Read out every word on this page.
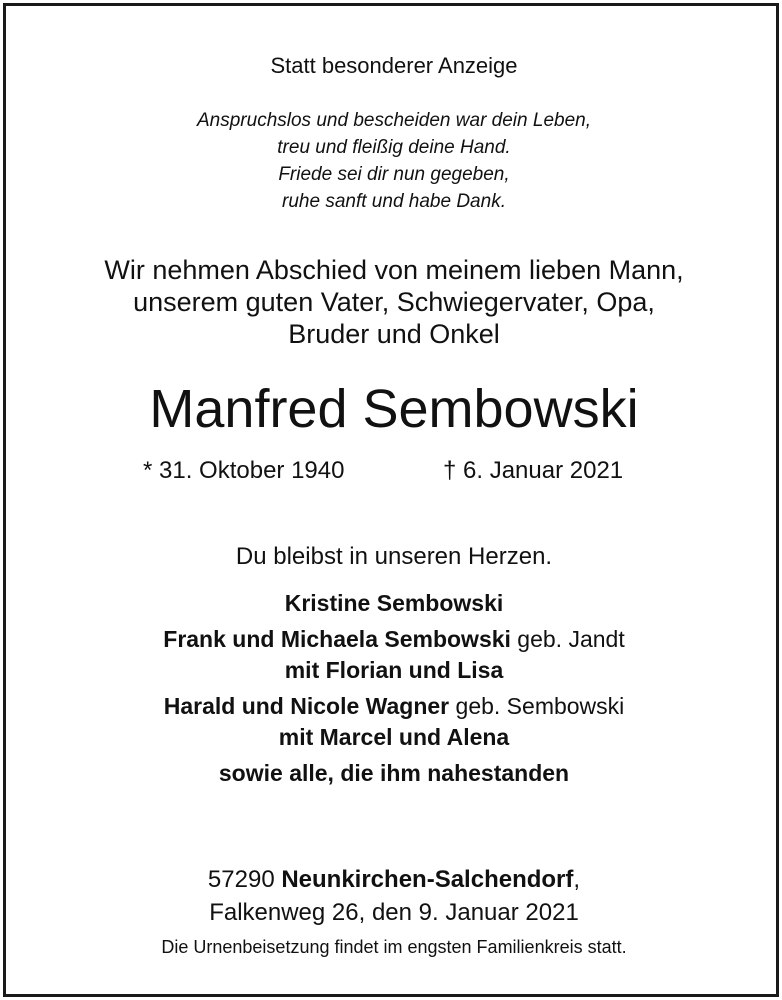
Statt besonderer Anzeige
Anspruchslos und bescheiden war dein Leben,
treu und fleißig deine Hand.
Friede sei dir nun gegeben,
ruhe sanft und habe Dank.
Wir nehmen Abschied von meinem lieben Mann,
unserem guten Vater, Schwiegervater, Opa,
Bruder und Onkel
Manfred Sembowski
* 31. Oktober 1940	† 6. Januar 2021
Du bleibst in unseren Herzen.
Kristine Sembowski
Frank und Michaela Sembowski geb. Jandt
mit Florian und Lisa
Harald und Nicole Wagner geb. Sembowski
mit Marcel und Alena
sowie alle, die ihm nahestanden
57290 Neunkirchen-Salchendorf,
Falkenweg 26, den 9. Januar 2021
Die Urnenbeisetzung findet im engsten Familienkreis statt.
